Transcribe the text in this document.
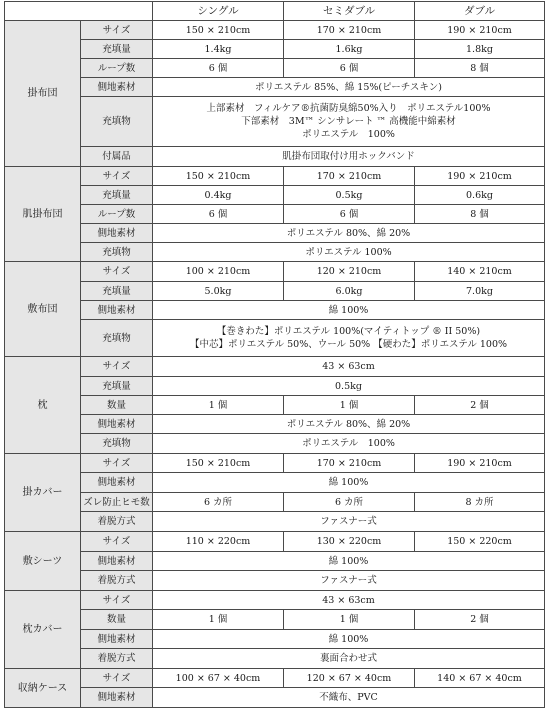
		シングル	セミダブル	ダブル
掛布団	サイズ	150 × 210cm	170 × 210cm	190 × 210cm
	充填量	1.4kg	1.6kg	1.8kg
	ループ数	6 個	6 個	8 個
	側地素材	ポリエステル 85%、綿 15%(ピーチスキン)		
	充填物	上部素材　フィルケア®抗菌防臭綿50%入り　ポリエステル100%
下部素材　3M™ シンサレート ™ 高機能中綿素材
ポリエステル　100%		

	付属品	肌掛布団取付け用ホックバンド		
肌掛布団	サイズ	150 × 210cm	170 × 210cm	190 × 210cm
	充填量	0.4kg	0.5kg	0.6kg
	ループ数	6 個	6 個	8 個
	側地素材	ポリエステル 80%、綿 20%		
	充填物	ポリエステル 100%		
敷布団	サイズ	100 × 210cm	120 × 210cm	140 × 210cm
	充填量	5.0kg	6.0kg	7.0kg
	側地素材	綿 100%		
	充填物	【巻きわた】ポリエステル 100%(マイティトップ ® II 50%)
【中芯】ポリエステル 50%、ウール 50% 【硬わた】ポリエステル 100%		

枕	サイズ	43 × 63cm		
	充填量	0.5kg		
	数量	1 個	1 個	2 個
	側地素材	ポリエステル 80%、綿 20%		
	充填物	ポリエステル　100%		
掛カバー	サイズ	150 × 210cm	170 × 210cm	190 × 210cm
	側地素材	綿 100%		
	ズレ防止ヒモ数	6 カ所	6 カ所	8 カ所
	着脱方式	ファスナー式		
敷シーツ	サイズ	110 × 220cm	130 × 220cm	150 × 220cm
	側地素材	綿 100%		
	着脱方式	ファスナー式		
枕カバー	サイズ	43 × 63cm		
	数量	1 個	1 個	2 個
	側地素材	綿 100%		
	着脱方式	裏面合わせ式		
収納ケース	サイズ	100 × 67 × 40cm	120 × 67 × 40cm	140 × 67 × 40cm
	側地素材	不織布、PVC		
